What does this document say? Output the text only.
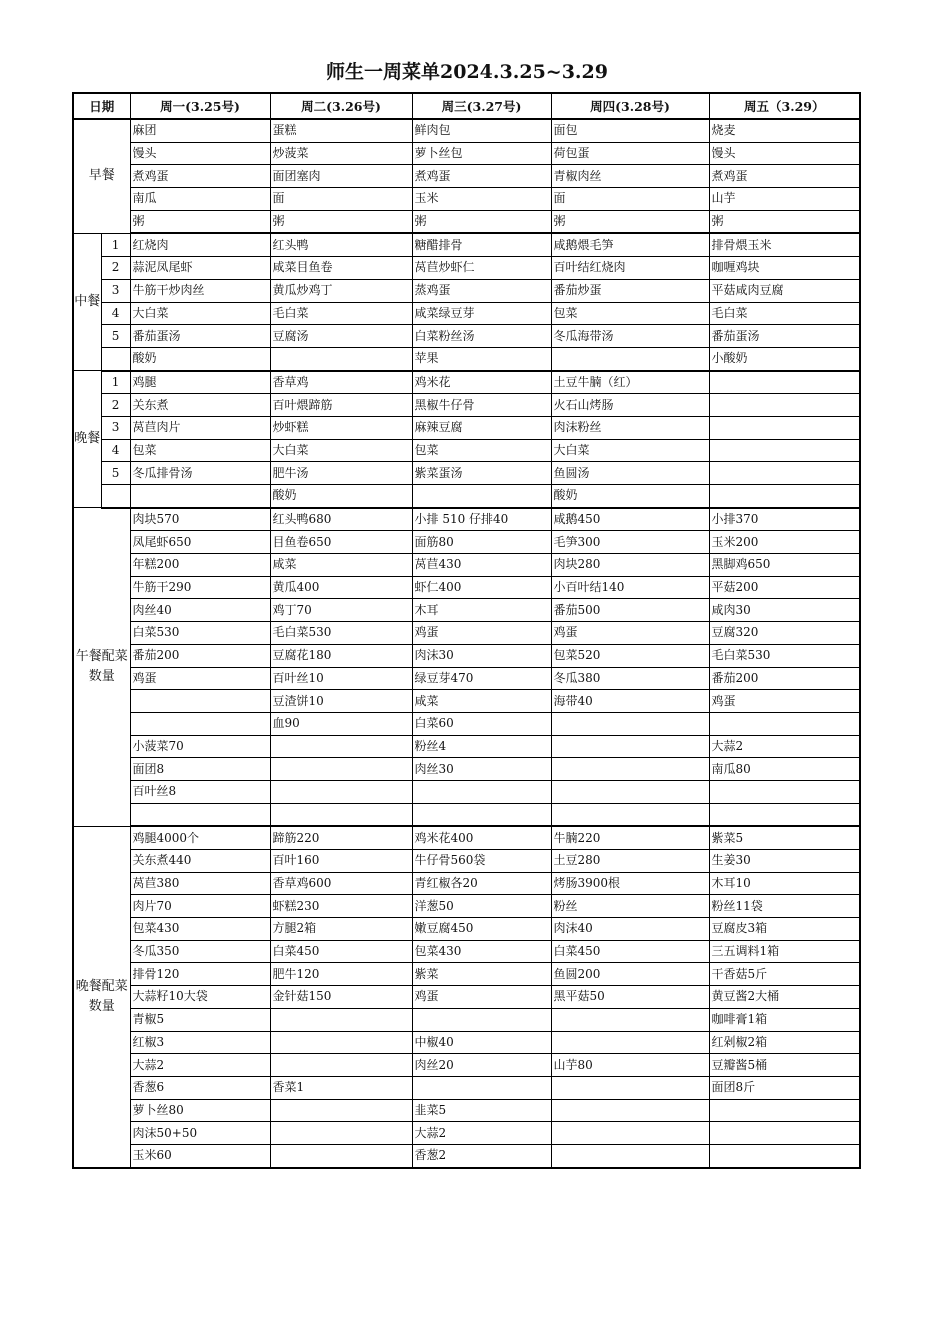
师生一周菜单2024.3.25~3.29
日期		周一(3.25号)	周二(3.26号)	周三(3.27号)	周四(3.28号)	周五（3.29）
早餐		麻团	蛋糕	鲜肉包	面包	烧麦
		馒头	炒菠菜	萝卜丝包	荷包蛋	馒头
		煮鸡蛋	面团塞肉	煮鸡蛋	青椒肉丝	煮鸡蛋
		南瓜	面	玉米	面	山芋
		粥	粥	粥	粥	粥
中餐	1	红烧肉	红头鸭	糖醋排骨	咸鹅煨毛笋	排骨煨玉米
	2	蒜泥凤尾虾	咸菜目鱼卷	莴苣炒虾仁	百叶结红烧肉	咖喱鸡块
	3	牛筋干炒肉丝	黄瓜炒鸡丁	蒸鸡蛋	番茄炒蛋	平菇咸肉豆腐
	4	大白菜	毛白菜	咸菜绿豆芽	包菜	毛白菜
	5	番茄蛋汤	豆腐汤	白菜粉丝汤	冬瓜海带汤	番茄蛋汤
		酸奶		苹果		小酸奶
晚餐	1	鸡腿	香草鸡	鸡米花	土豆牛腩（红）	
	2	关东煮	百叶煨蹄筋	黑椒牛仔骨	火石山烤肠	
	3	莴苣肉片	炒虾糕	麻辣豆腐	肉沫粉丝	
	4	包菜	大白菜	包菜	大白菜	
	5	冬瓜排骨汤	肥牛汤	紫菜蛋汤	鱼圆汤	
			酸奶		酸奶	
午餐配菜数量		肉块570	红头鸭680	小排 510 仔排40	咸鹅450	小排370
		凤尾虾650	目鱼卷650	面筋80	毛笋300	玉米200
		年糕200	咸菜	莴苣430	肉块280	黑脚鸡650
		牛筋干290	黄瓜400	虾仁400	小百叶结140	平菇200
		肉丝40	鸡丁70	木耳	番茄500	咸肉30
		白菜530	毛白菜530	鸡蛋	鸡蛋	豆腐320
		番茄200	豆腐花180	肉沫30	包菜520	毛白菜530
		鸡蛋	百叶丝10	绿豆芽470	冬瓜380	番茄200
			豆渣饼10	咸菜	海带40	鸡蛋
			血90	白菜60		
		小菠菜70		粉丝4		大蒜2
		面团8		肉丝30		南瓜80
		百叶丝8				

晚餐配菜数量		鸡腿4000个	蹄筋220	鸡米花400	牛腩220	紫菜5
		关东煮440	百叶160	牛仔骨560袋	土豆280	生姜30
		莴苣380	香草鸡600	青红椒各20	烤肠3900根	木耳10
		肉片70	虾糕230	洋葱50	粉丝	粉丝11袋
		包菜430	方腿2箱	嫩豆腐450	肉沫40	豆腐皮3箱
		冬瓜350	白菜450	包菜430	白菜450	三五调料1箱
		排骨120	肥牛120	紫菜	鱼圆200	干香菇5斤
		大蒜籽10大袋	金针菇150	鸡蛋	黑平菇50	黄豆酱2大桶
		青椒5				咖啡膏1箱
		红椒3		中椒40		红剁椒2箱
		大蒜2		肉丝20	山芋80	豆瓣酱5桶
		香葱6	香菜1			面团8斤
		萝卜丝80		韭菜5		
		肉沫50+50		大蒜2		
		玉米60		香葱2		
